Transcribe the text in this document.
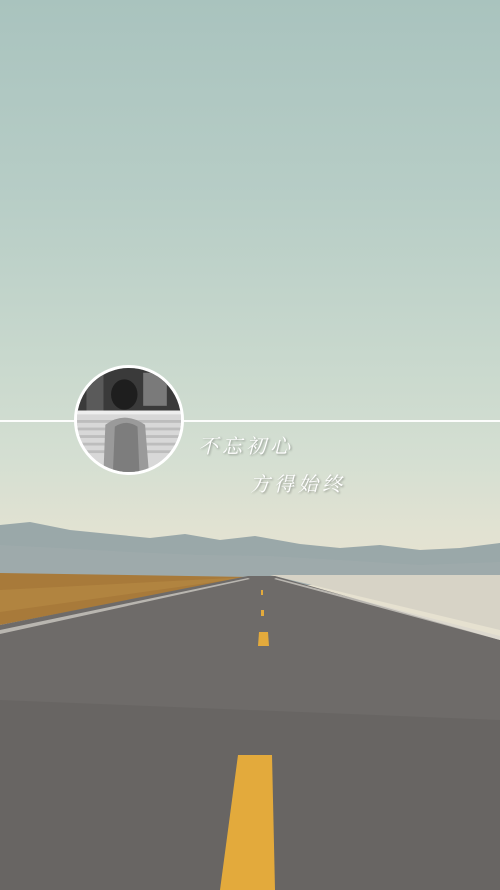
不忘初心
方得始终
